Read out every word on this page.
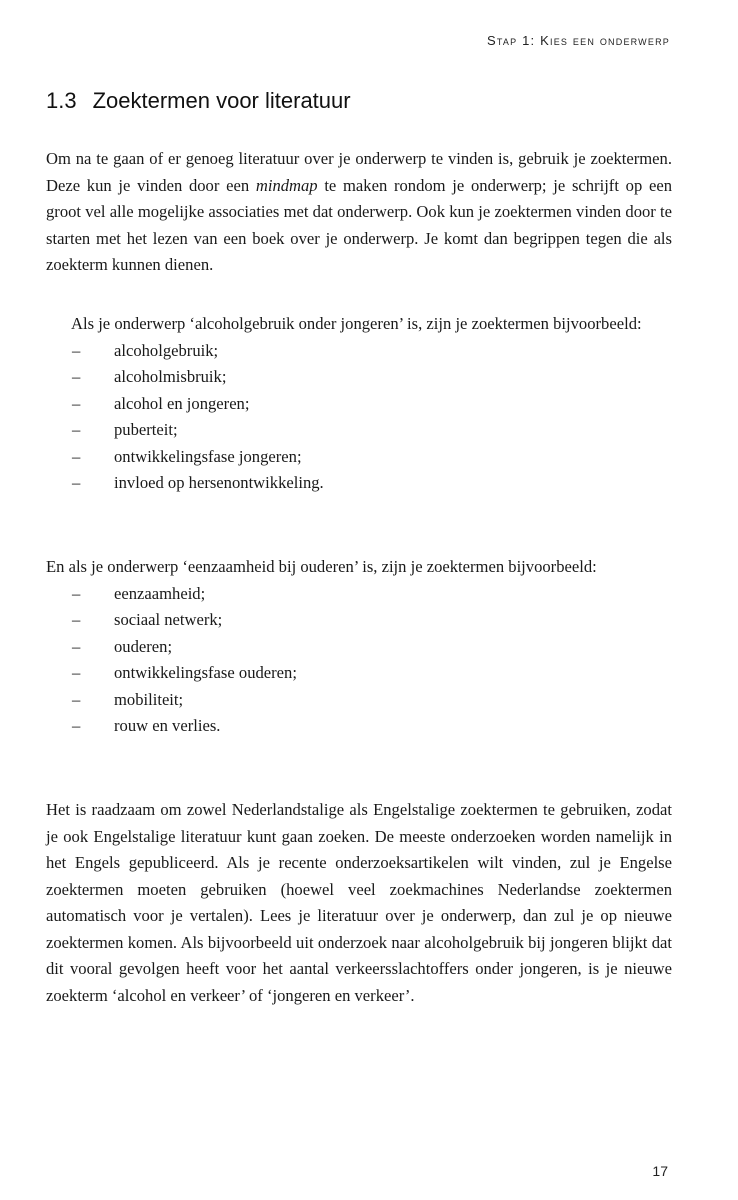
Stap 1: Kies een onderwerp
1.3 Zoektermen voor literatuur

Om na te gaan of er genoeg literatuur over je onderwerp te vinden is, gebruik je zoektermen. Deze kun je vinden door een mindmap te maken rondom je onderwerp; je schrijft op een groot vel alle mogelijke associaties met dat onderwerp. Ook kun je zoektermen vinden door te starten met het lezen van een boek over je onderwerp. Je komt dan begrippen tegen die als zoekterm kunnen dienen.

Als je onderwerp ‘alcoholgebruik onder jongeren’ is, zijn je zoektermen bijvoorbeeld:

– alcoholgebruik;
– alcoholmisbruik;
– alcohol en jongeren;
– puberteit;
– ontwikkelingsfase jongeren;
– invloed op hersenontwikkeling.

En als je onderwerp ‘eenzaamheid bij ouderen’ is, zijn je zoektermen bijvoorbeeld:

– eenzaamheid;
– sociaal netwerk;
– ouderen;
– ontwikkelingsfase ouderen;
– mobiliteit;
– rouw en verlies.

Het is raadzaam om zowel Nederlandstalige als Engelstalige zoektermen te gebruiken, zodat je ook Engelstalige literatuur kunt gaan zoeken. De meeste onderzoeken worden namelijk in het Engels gepubliceerd. Als je recente onderzoeksartikelen wilt vinden, zul je Engelse zoektermen moeten gebruiken (hoewel veel zoekmachines Nederlandse zoektermen automatisch voor je vertalen). Lees je literatuur over je onderwerp, dan zul je op nieuwe zoektermen komen. Als bijvoorbeeld uit onderzoek naar alcoholgebruik bij jongeren blijkt dat dit vooral gevolgen heeft voor het aantal verkeersslachtoffers onder jongeren, is je nieuwe zoekterm ‘alcohol en verkeer’ of ‘jongeren en verkeer’.

17
